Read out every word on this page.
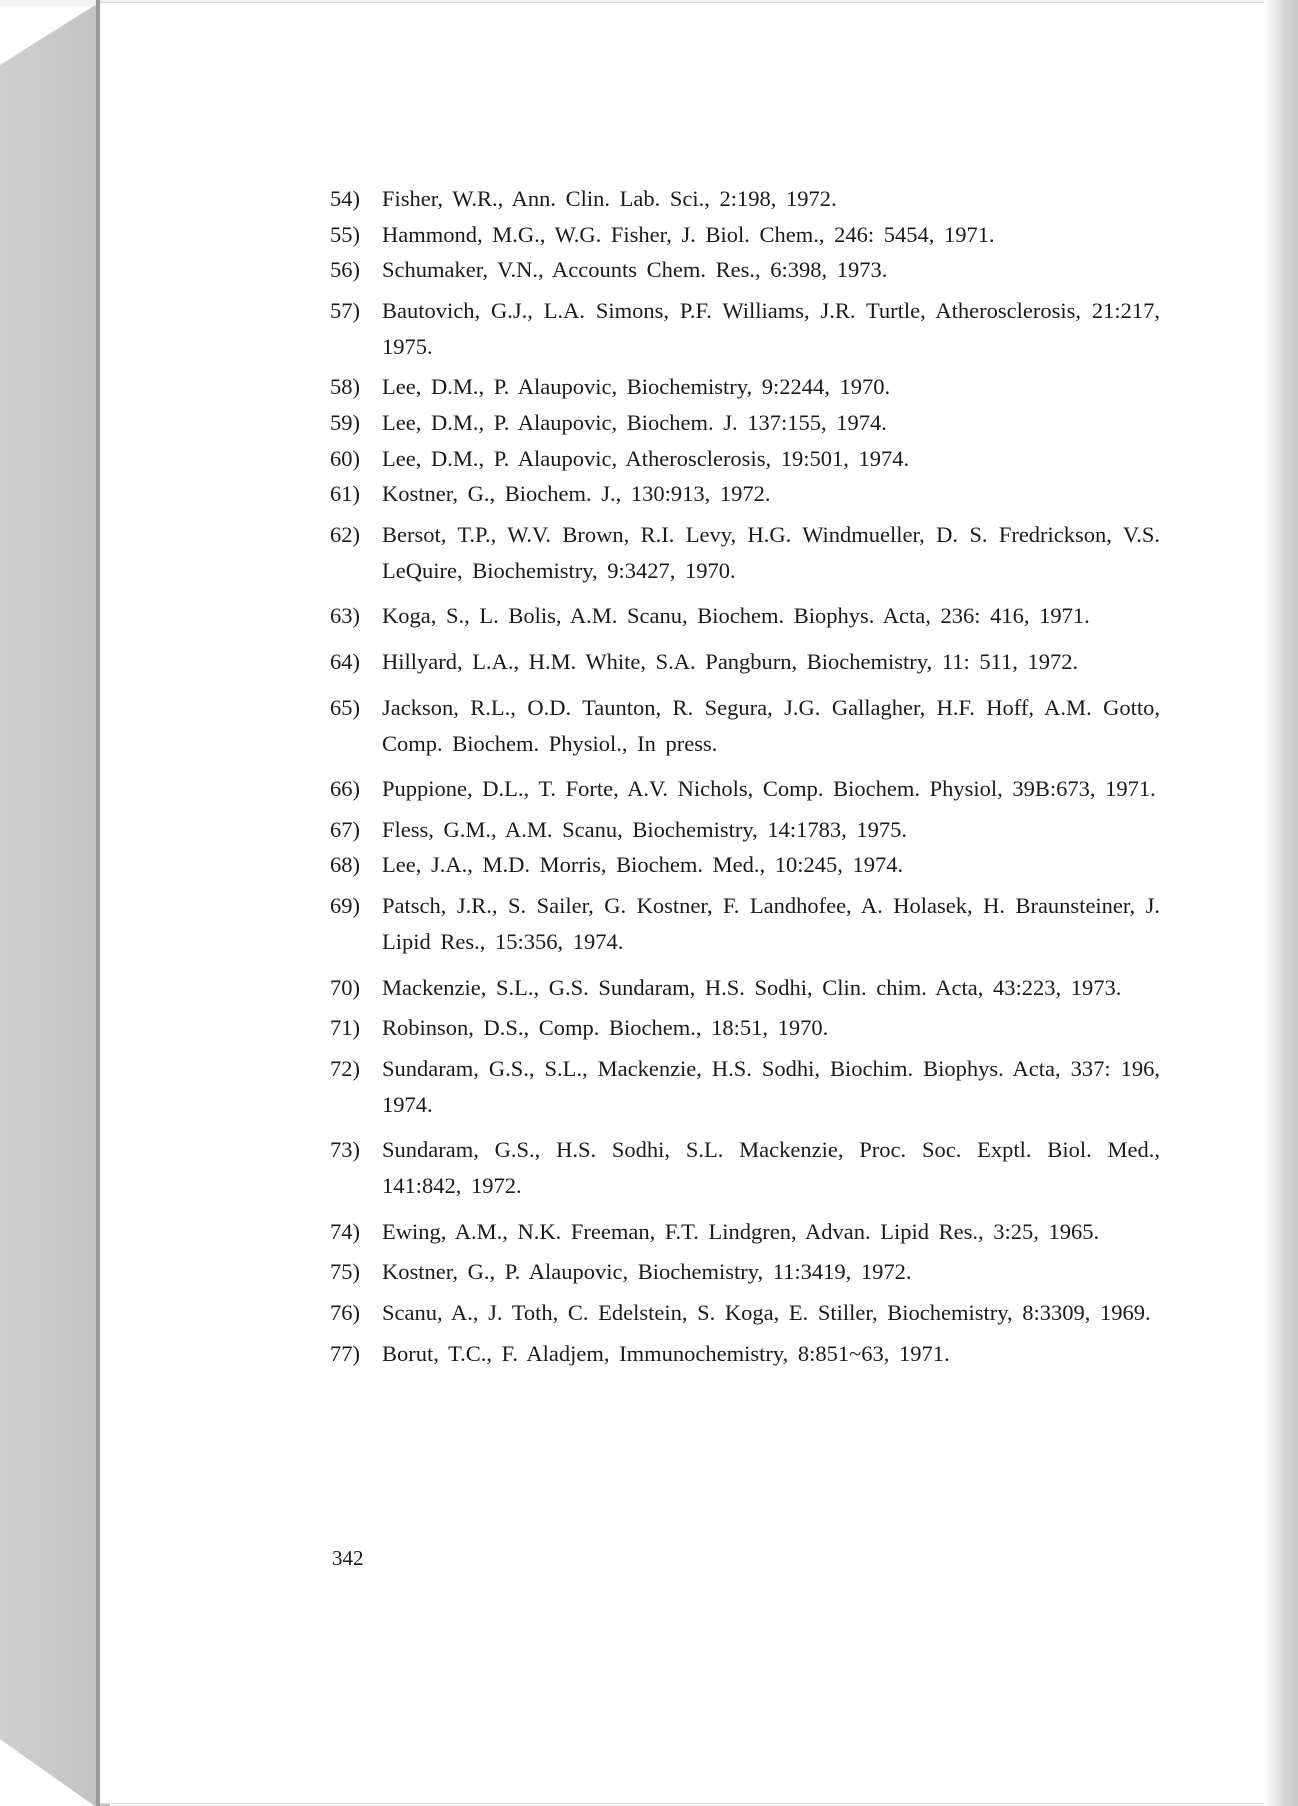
54) Fisher, W.R., Ann. Clin. Lab. Sci., 2:198, 1972.
55) Hammond, M.G., W.G. Fisher, J. Biol. Chem., 246: 5454, 1971.
56) Schumaker, V.N., Accounts Chem. Res., 6:398, 1973.
57) Bautovich, G.J., L.A. Simons, P.F. Williams, J.R. Turtle, Atherosclerosis, 21:217, 1975.
58) Lee, D.M., P. Alaupovic, Biochemistry, 9:2244, 1970.
59) Lee, D.M., P. Alaupovic, Biochem. J. 137:155, 1974.
60) Lee, D.M., P. Alaupovic, Atherosclerosis, 19:501, 1974.
61) Kostner, G., Biochem. J., 130:913, 1972.
62) Bersot, T.P., W.V. Brown, R.I. Levy, H.G. Windmueller, D. S. Fredrickson, V.S. LeQuire, Biochemistry, 9:3427, 1970.
63) Koga, S., L. Bolis, A.M. Scanu, Biochem. Biophys. Acta, 236: 416, 1971.
64) Hillyard, L.A., H.M. White, S.A. Pangburn, Biochemistry, 11: 511, 1972.
65) Jackson, R.L., O.D. Taunton, R. Segura, J.G. Gallagher, H.F. Hoff, A.M. Gotto, Comp. Biochem. Physiol., In press.
66) Puppione, D.L., T. Forte, A.V. Nichols, Comp. Biochem. Physiol, 39B:673, 1971.
67) Fless, G.M., A.M. Scanu, Biochemistry, 14:1783, 1975.
68) Lee, J.A., M.D. Morris, Biochem. Med., 10:245, 1974.
69) Patsch, J.R., S. Sailer, G. Kostner, F. Landhofee, A. Holasek, H. Braunsteiner, J. Lipid Res., 15:356, 1974.
70) Mackenzie, S.L., G.S. Sundaram, H.S. Sodhi, Clin. chim. Acta, 43:223, 1973.
71) Robinson, D.S., Comp. Biochem., 18:51, 1970.
72) Sundaram, G.S., S.L., Mackenzie, H.S. Sodhi, Biochim. Biophys. Acta, 337: 196, 1974.
73) Sundaram, G.S., H.S. Sodhi, S.L. Mackenzie, Proc. Soc. Exptl. Biol. Med., 141:842, 1972.
74) Ewing, A.M., N.K. Freeman, F.T. Lindgren, Advan. Lipid Res., 3:25, 1965.
75) Kostner, G., P. Alaupovic, Biochemistry, 11:3419, 1972.
76) Scanu, A., J. Toth, C. Edelstein, S. Koga, E. Stiller, Biochemistry, 8:3309, 1969.
77) Borut, T.C., F. Aladjem, Immunochemistry, 8:851~63, 1971.
342
